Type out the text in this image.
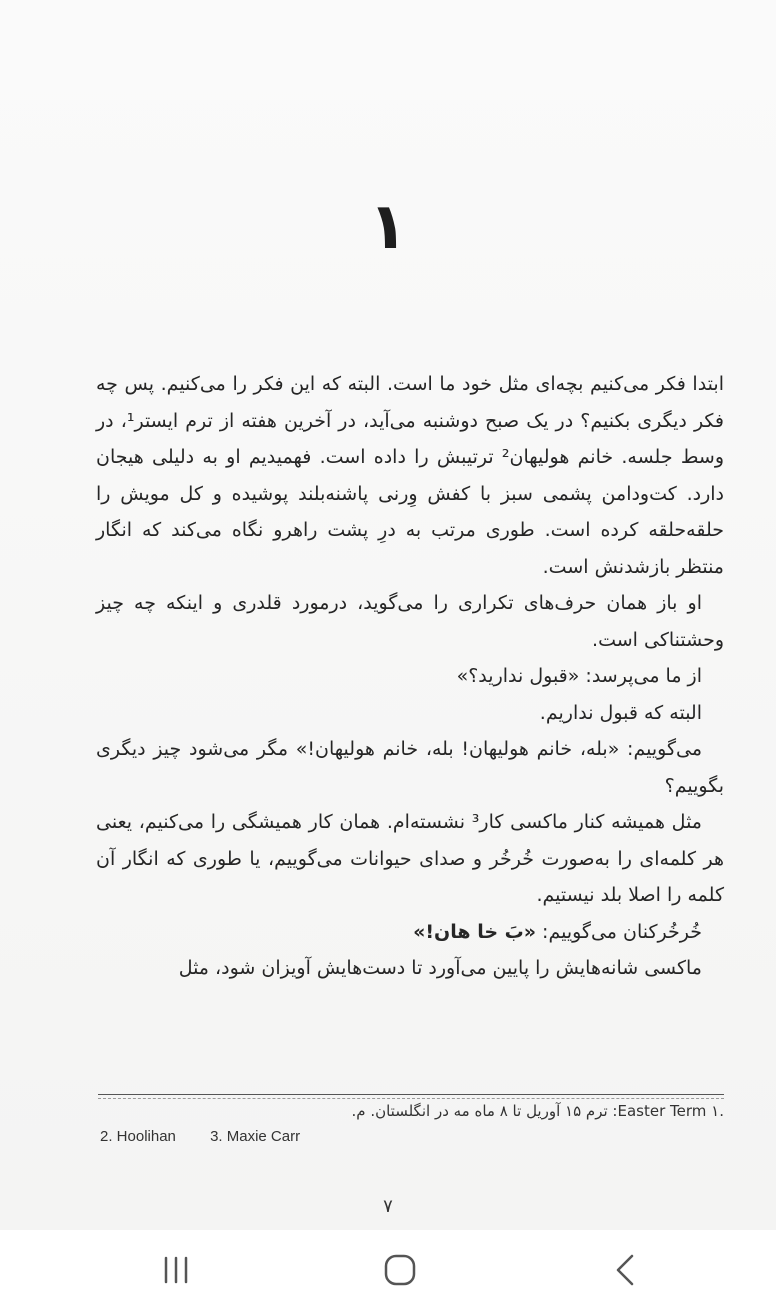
۱

ابتدا فکر می‌کنیم بچه‌ای مثل خود ما است. البته که این فکر را می‌کنیم. پس چه فکر دیگری بکنیم؟ در یک صبح دوشنبه می‌آید، در آخرین هفته از ترم ایستر¹، در وسط جلسه. خانم هولیهان² ترتیبش را داده است. فهمیدیم او به دلیلی هیجان دارد. کت‌ودامن پشمی سبز با کفش وِرنی پاشنه‌بلند پوشیده و کل مویش را حلقه‌حلقه کرده است. طوری مرتب به درِ پشت راهرو نگاه می‌کند که انگار منتظر بازشدنش است.

او باز همان حرف‌های تکراری را می‌گوید، درمورد قلدری و اینکه چه چیز وحشتناکی است.

از ما می‌پرسد: «قبول ندارید؟»

البته که قبول نداریم.

می‌گوییم: «بله، خانم هولیهان! بله، خانم هولیهان!» مگر می‌شود چیز دیگری بگوییم؟

مثل همیشه کنار ماکسی کار³ نشسته‌ام. همان کار همیشگی را می‌کنیم، یعنی هر کلمه‌ای را به‌صورت خُرخُر و صدای حیوانات می‌گوییم، یا طوری که انگار آن کلمه را اصلا بلد نیستیم.

خُرخُرکنان می‌گوییم: «بَ خا هان!»

ماکسی شانه‌هایش را پایین می‌آورد تا دست‌هایش آویزان شود، مثل

.۱ Easter Term: ترم ۱۵ آوریل تا ۸ ماه مه در انگلستان. م.
2. Hoolihan 3. Maxie Carr
۷
